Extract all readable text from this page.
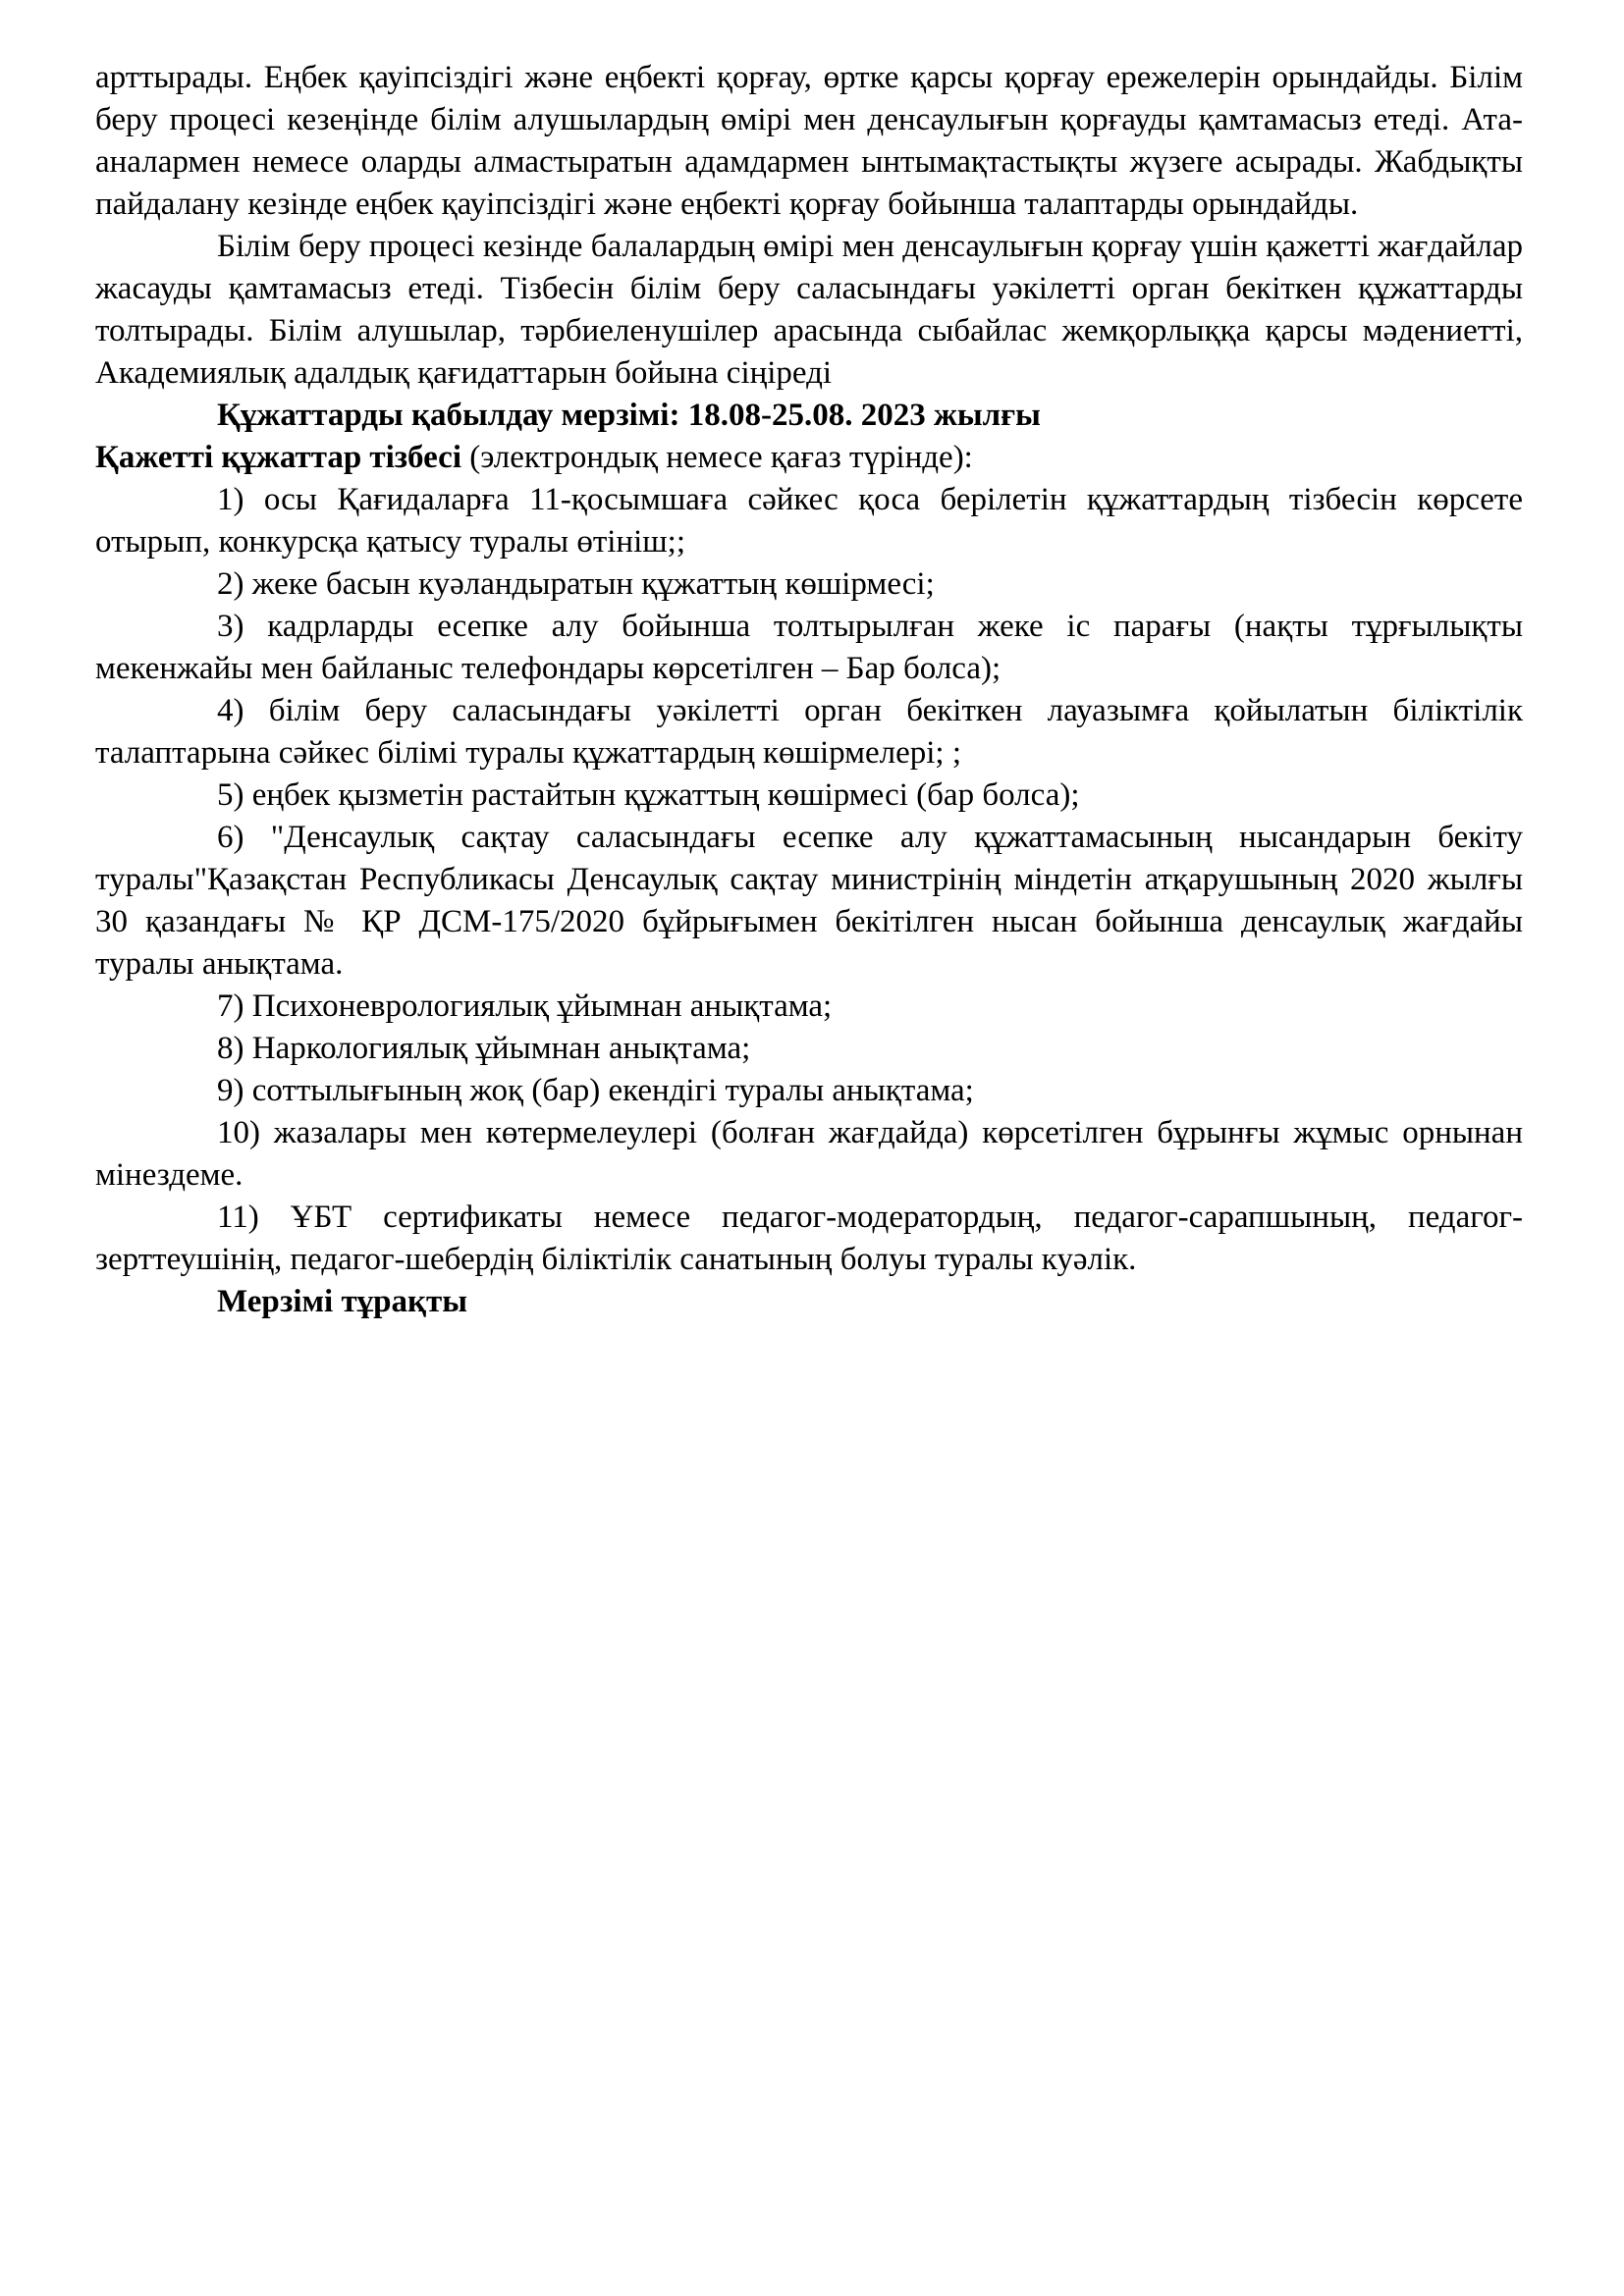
арттырады. Еңбек қауіпсіздігі және еңбекті қорғау, өртке қарсы қорғау ережелерін орындайды. Білім беру процесі кезеңінде білім алушылардың өмірі мен денсаулығын қорғауды қамтамасыз етеді. Ата-аналармен немесе оларды алмастыратын адамдармен ынтымақтастықты жүзеге асырады. Жабдықты пайдалану кезінде еңбек қауіпсіздігі және еңбекті қорғау бойынша талаптарды орындайды.

Білім беру процесі кезінде балалардың өмірі мен денсаулығын қорғау үшін қажетті жағдайлар жасауды қамтамасыз етеді. Тізбесін білім беру саласындағы уәкілетті орган бекіткен құжаттарды толтырады. Білім алушылар, тәрбиеленушілер арасында сыбайлас жемқорлыққа қарсы мәдениетті, Академиялық адалдық қағидаттарын бойына сіңіреді

Құжаттарды қабылдау мерзімі: 18.08-25.08. 2023 жылғы

Қажетті құжаттар тізбесі (электрондық немесе қағаз түрінде):

1) осы Қағидаларға 11-қосымшаға сәйкес қоса берілетін құжаттардың тізбесін көрсете отырып, конкурсқа қатысу туралы өтініш;;

2) жеке басын куәландыратын құжаттың көшірмесі;

3) кадрларды есепке алу бойынша толтырылған жеке іс парағы (нақты тұрғылықты мекенжайы мен байланыс телефондары көрсетілген – Бар болса);

4) білім беру саласындағы уәкілетті орган бекіткен лауазымға қойылатын біліктілік талаптарына сәйкес білімі туралы құжаттардың көшірмелері; ;

5) еңбек қызметін растайтын құжаттың көшірмесі (бар болса);

6) "Денсаулық сақтау саласындағы есепке алу құжаттамасының нысандарын бекіту туралы"Қазақстан Республикасы Денсаулық сақтау министрінің міндетін атқарушының 2020 жылғы 30 қазандағы № ҚР ДСМ-175/2020 бұйрығымен бекітілген нысан бойынша денсаулық жағдайы туралы анықтама.

7) Психоневрологиялық ұйымнан анықтама;

8) Наркологиялық ұйымнан анықтама;

9) соттылығының жоқ (бар) екендігі туралы анықтама;

10) жазалары мен көтермелеулері (болған жағдайда) көрсетілген бұрынғы жұмыс орнынан мінездеме.

11) ҰБТ сертификаты немесе педагог-модератордың, педагог-сарапшының, педагог-зерттеушінің, педагог-шебердің біліктілік санатының болуы туралы куәлік.

Мерзімі тұрақты
